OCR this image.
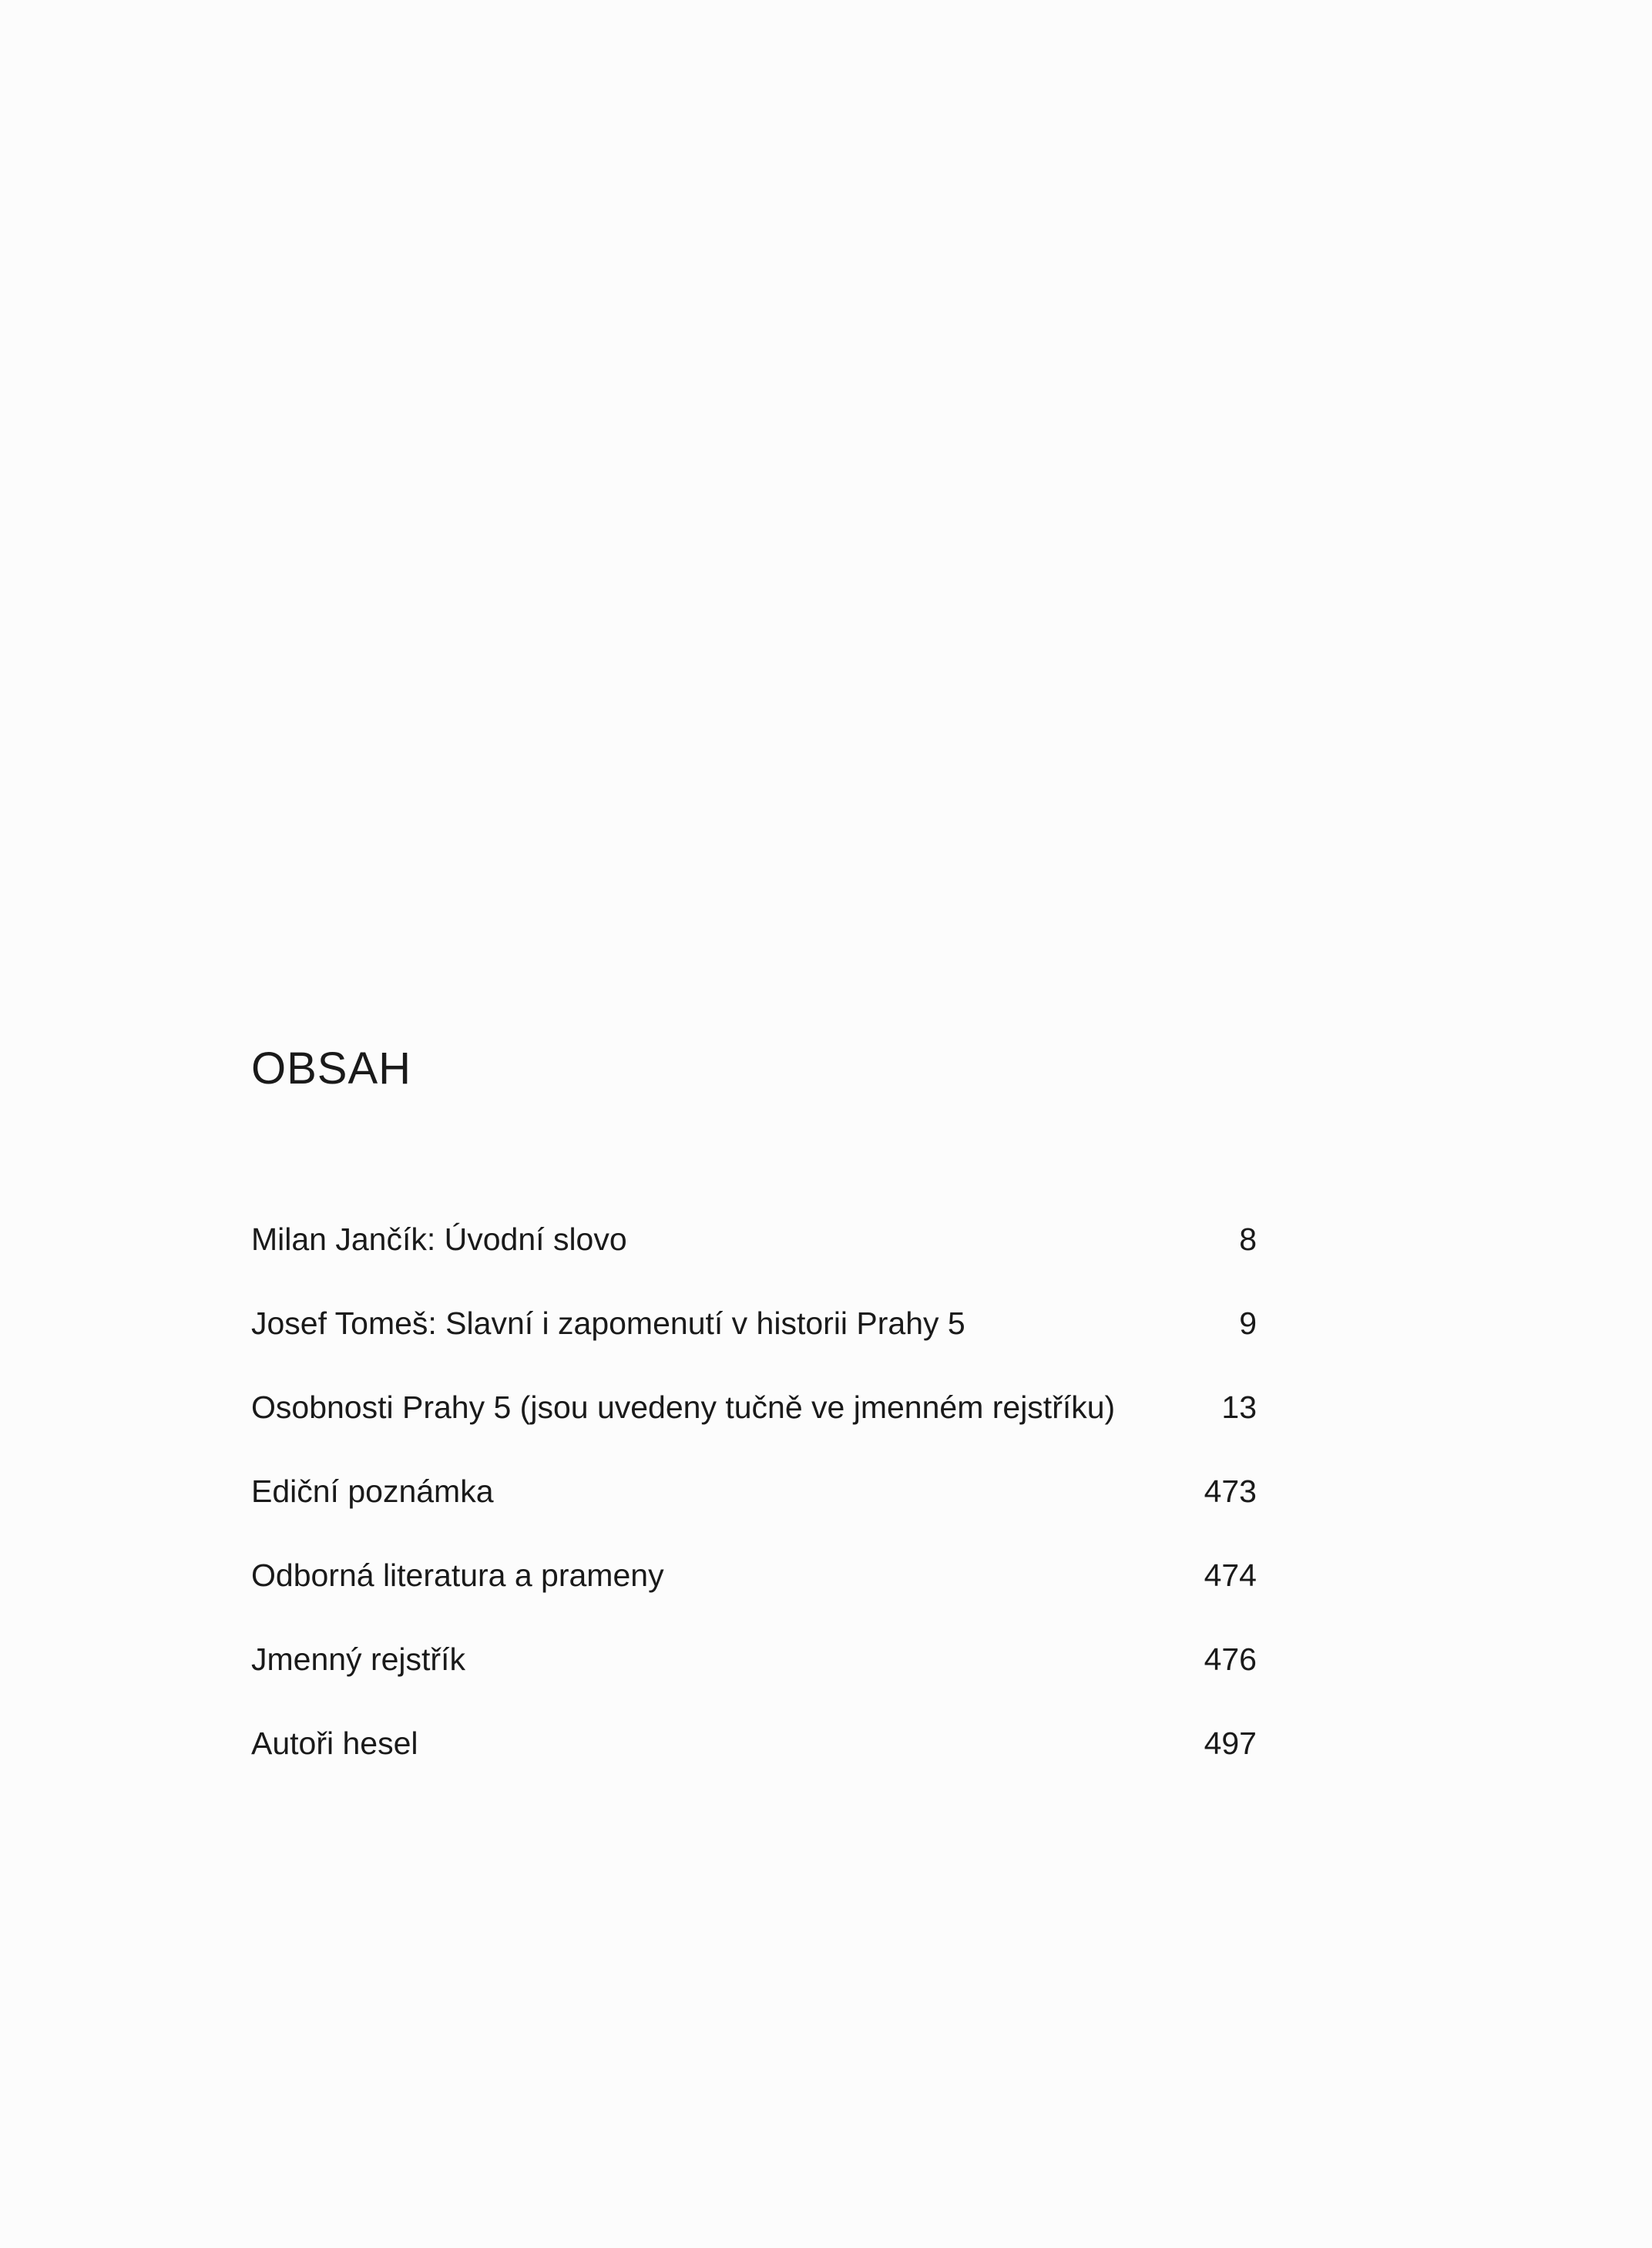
OBSAH
Milan Jančík: Úvodní slovo	8
Josef Tomeš: Slavní i zapomenutí v historii Prahy 5	9
Osobnosti Prahy 5 (jsou uvedeny tučně ve jmenném rejstříku)	13
Ediční poznámka	473
Odborná literatura a prameny	474
Jmenný rejstřík	476
Autoři hesel	497
